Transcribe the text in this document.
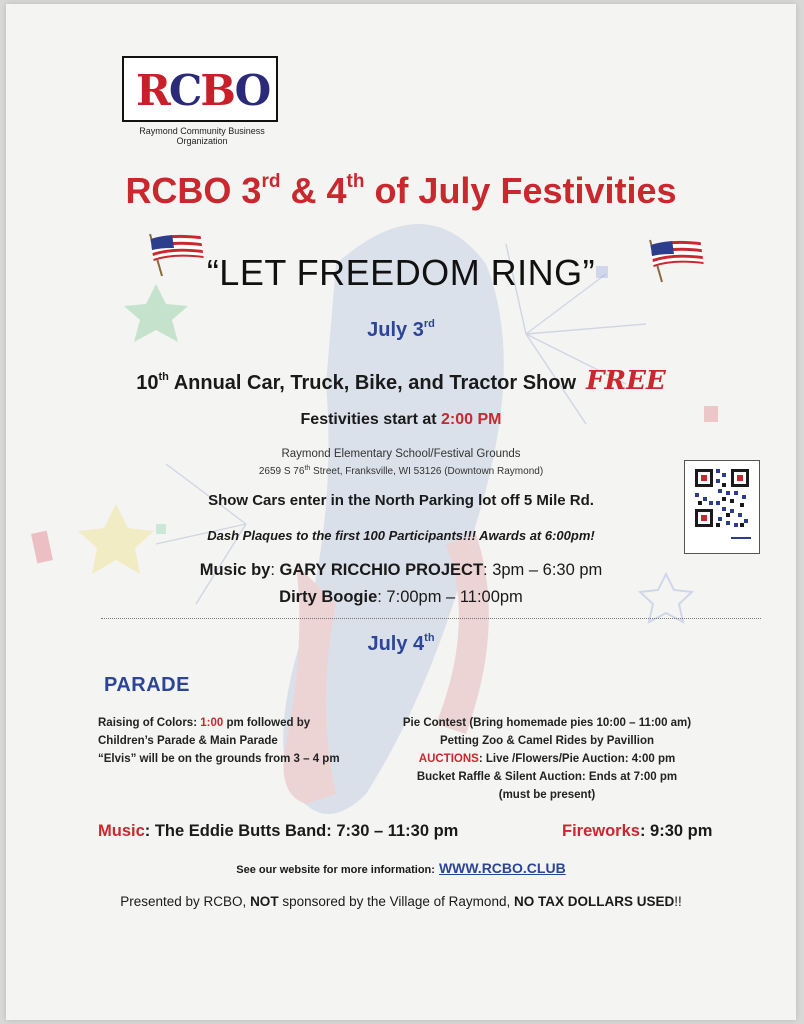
RCBO
Raymond Community Business Organization
RCBO 3rd & 4th of July Festivities
“LET FREEDOM RING”
July 3rd
10th Annual Car, Truck, Bike, and Tractor Show FREE
Festivities start at 2:00 PM
Raymond Elementary School/Festival Grounds
2659 S 76th Street, Franksville, WI 53126 (Downtown Raymond)
Show Cars enter in the North Parking lot off 5 Mile Rd.
Dash Plaques to the first 100 Participants!!! Awards at 6:00pm!
Music by: GARY RICCHIO PROJECT: 3pm – 6:30 pm
Dirty Boogie: 7:00pm – 11:00pm
July 4th
PARADE
Raising of Colors: 1:00 pm followed by
Children’s Parade & Main Parade
“Elvis” will be on the grounds from 3 – 4 pm
Pie Contest (Bring homemade pies 10:00 – 11:00 am)
Petting Zoo & Camel Rides by Pavillion
AUCTIONS: Live /Flowers/Pie Auction: 4:00 pm
Bucket Raffle & Silent Auction: Ends at 7:00 pm
(must be present)
Music: The Eddie Butts Band: 7:30 – 11:30 pm	Fireworks: 9:30 pm
See our website for more information: WWW.RCBO.CLUB
Presented by RCBO, NOT sponsored by the Village of Raymond, NO TAX DOLLARS USED!!
